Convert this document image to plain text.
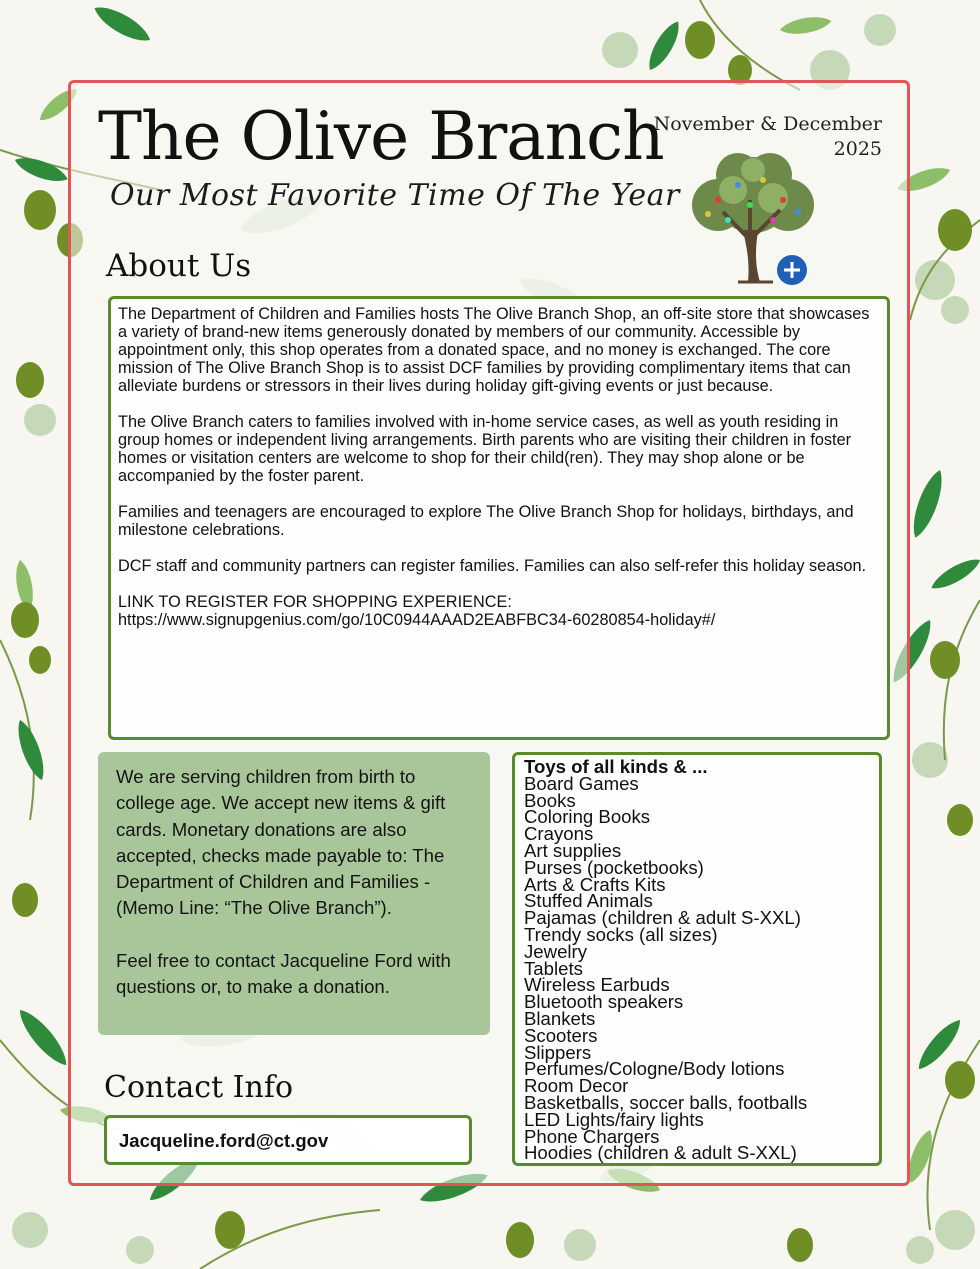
The Olive Branch
Our Most Favorite Time Of The Year
November & December
2025
About Us

The Department of Children and Families hosts The Olive Branch Shop, an off-site store that showcases a variety of brand-new items generously donated by members of our community. Accessible by appointment only, this shop operates from a donated space, and no money is exchanged. The core mission of The Olive Branch Shop is to assist DCF families by providing complimentary items that can alleviate burdens or stressors in their lives during holiday gift-giving events or just because.

The Olive Branch caters to families involved with in-home service cases, as well as youth residing in group homes or independent living arrangements. Birth parents who are visiting their children in foster homes or visitation centers are welcome to shop for their child(ren). They may shop alone or be accompanied by the foster parent.

Families and teenagers are encouraged to explore The Olive Branch Shop for holidays, birthdays, and milestone celebrations.

DCF staff and community partners can register families. Families can also self-refer this holiday season.

LINK TO REGISTER FOR SHOPPING EXPERIENCE:
https://www.signupgenius.com/go/10C0944AAAD2EABFBC34-60280854-holiday#/

We are serving children from birth to college age. We accept new items & gift cards. Monetary donations are also accepted, checks made payable to: The Department of Children and Families - (Memo Line: “The Olive Branch”).

Feel free to contact Jacqueline Ford with questions or, to make a donation.

Toys of all kinds & ...
Board Games
Books
Coloring Books
Crayons
Art supplies
Purses (pocketbooks)
Arts & Crafts Kits
Stuffed Animals
Pajamas (children & adult S-XXL)
Trendy socks (all sizes)
Jewelry
Tablets
Wireless Earbuds
Bluetooth speakers
Blankets
Scooters
Slippers
Perfumes/Cologne/Body lotions
Room Decor
Basketballs, soccer balls, footballs
LED Lights/fairy lights
Phone Chargers
Hoodies (children & adult S-XXL)
Contact Info
Jacqueline.ford@ct.gov
